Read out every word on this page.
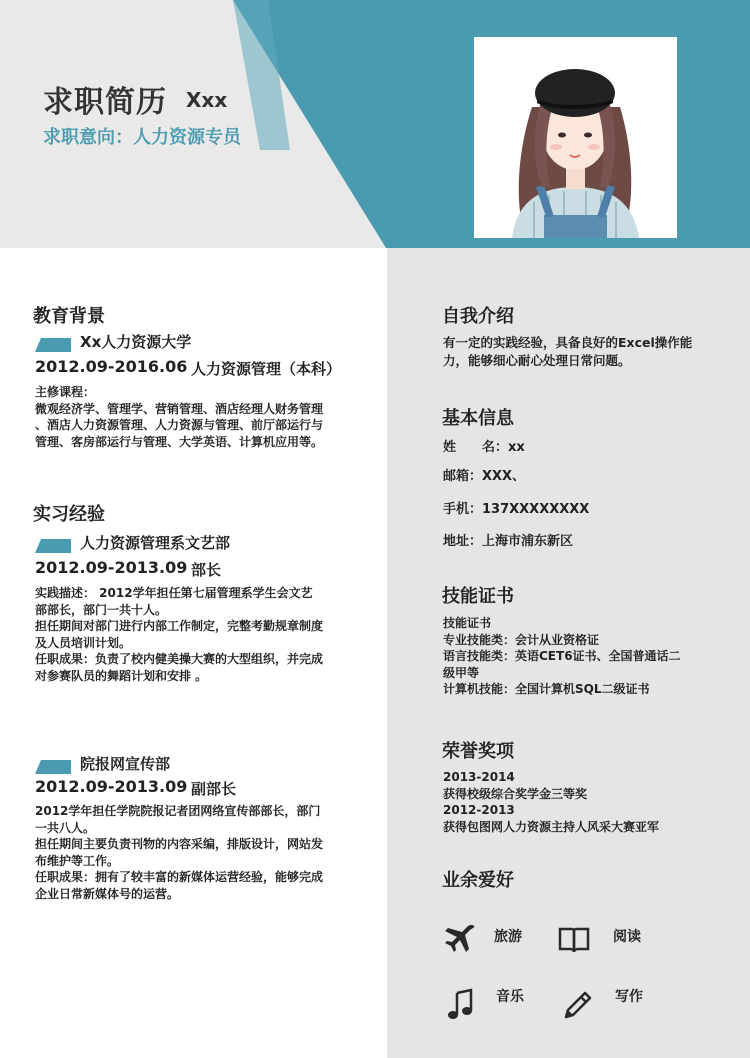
求职简历 Xxx
求职意向：人力资源专员
教育背景
Xx人力资源大学
2012.09-2016.06 人力资源管理（本科）
主修课程：
微观经济学、管理学、营销管理、酒店经理人财务管理
、酒店人力资源管理、人力资源与管理、前厅部运行与
管理、客房部运行与管理、大学英语、计算机应用等。
实习经验
人力资源管理系文艺部
2012.09-2013.09 部长
实践描述： 2012学年担任第七届管理系学生会文艺
部部长，部门一共十人。
担任期间对部门进行内部工作制定，完整考勤规章制度
及人员培训计划。
任职成果：负责了校内健美操大赛的大型组织，并完成
对参赛队员的舞蹈计划和安排 。
院报网宣传部
2012.09-2013.09 副部长
2012学年担任学院院报记者团网络宣传部部长，部门
一共八人。
担任期间主要负责刊物的内容采编，排版设计，网站发
布维护等工作。
任职成果：拥有了较丰富的新媒体运营经验，能够完成
企业日常新媒体号的运营。
自我介绍
有一定的实践经验，具备良好的Excel操作能
力，能够细心耐心处理日常问题。
基本信息
姓　　名：xx
邮箱：XXX、
手机：137XXXXXXXX
地址：上海市浦东新区
技能证书
技能证书
专业技能类：会计从业资格证
语言技能类：英语CET6证书、全国普通话二
级甲等
计算机技能：全国计算机SQL二级证书
荣誉奖项
2013-2014
获得校级综合奖学金三等奖
2012-2013
获得包图网人力资源主持人风采大赛亚军
业余爱好
旅游	阅读
音乐	写作
